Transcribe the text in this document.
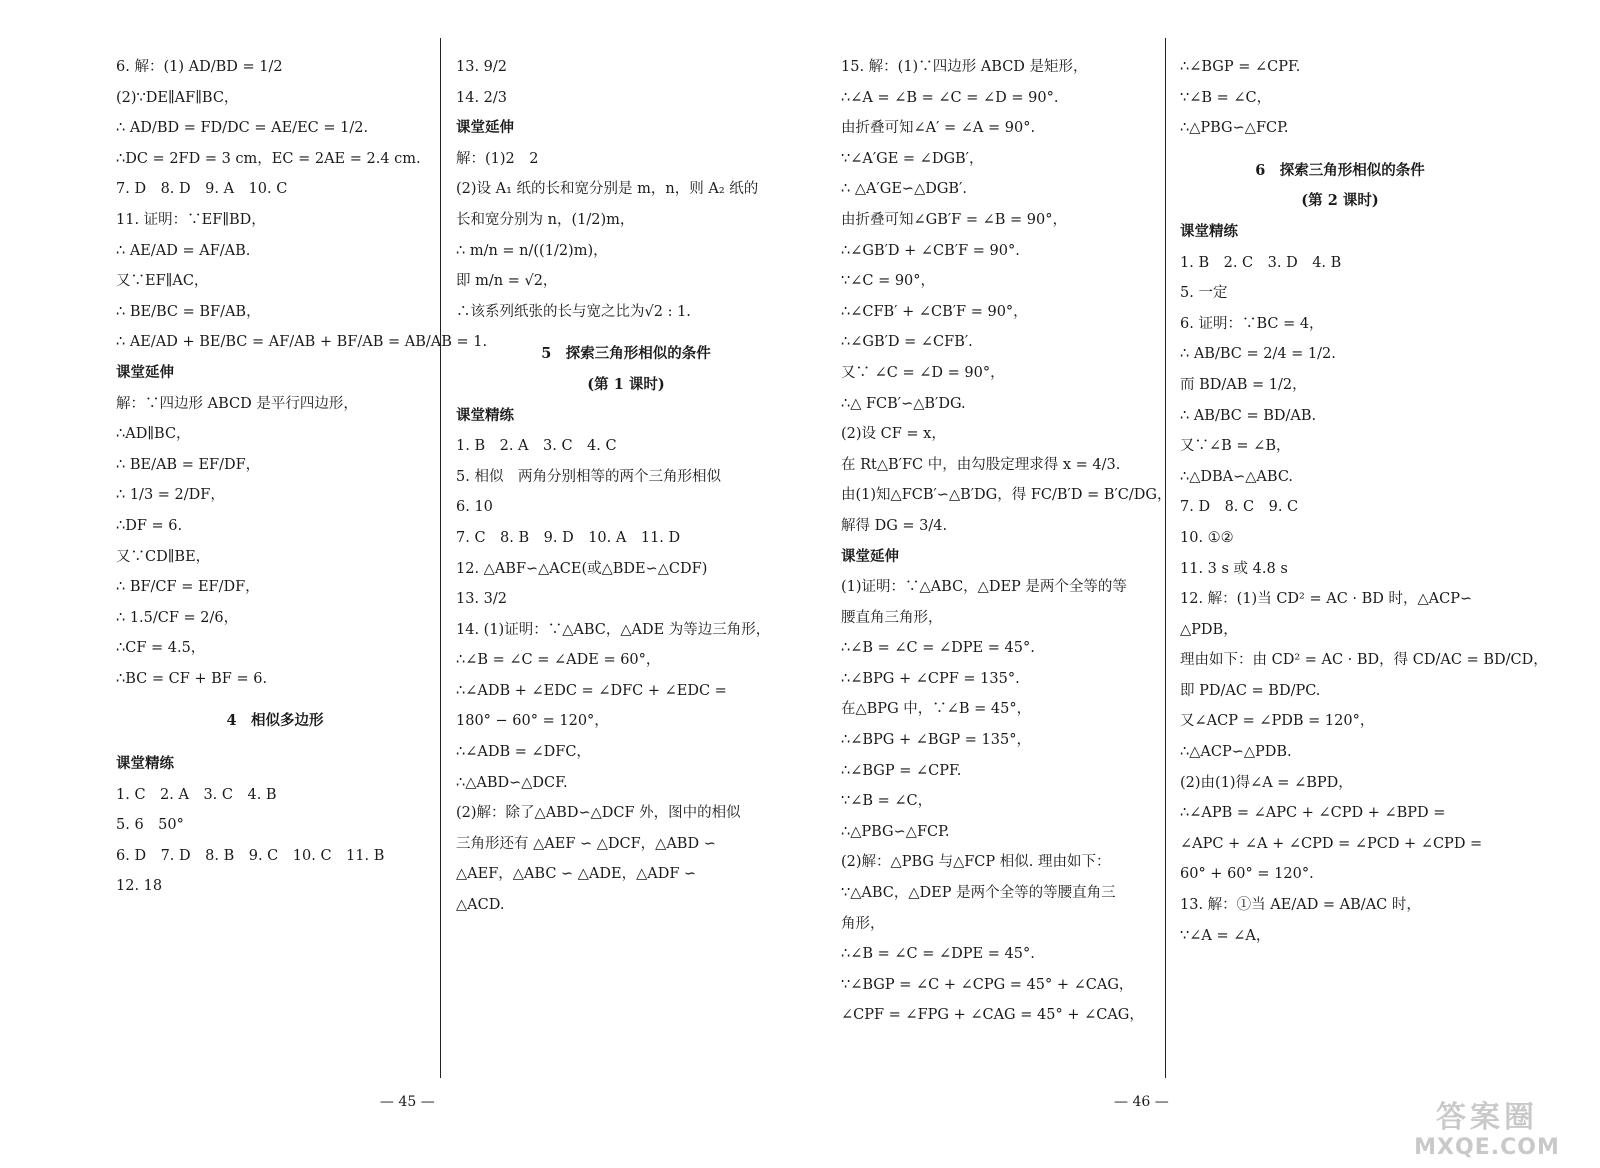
6. 解：(1) AD/BD = 1/2
(2)∵DE∥AF∥BC，
∴ AD/BD = FD/DC = AE/EC = 1/2.
∴DC = 2FD = 3 cm，EC = 2AE = 2.4 cm.
7. D　8. D　9. A　10. C
11. 证明：∵EF∥BD，
∴ AE/AD = AF/AB.
又∵EF∥AC，
∴ BE/BC = BF/AB，
∴ AE/AD + BE/BC = AF/AB + BF/AB = AB/AB = 1.
课堂延伸
解：∵四边形 ABCD 是平行四边形，
∴AD∥BC，
∴ BE/AB = EF/DF，
∴ 1/3 = 2/DF，
∴DF = 6.
又∵CD∥BE，
∴ BF/CF = EF/DF，
∴ 1.5/CF = 2/6，
∴CF = 4.5，
∴BC = CF + BF = 6.
4　相似多边形
课堂精练
1. C　2. A　3. C　4. B
5. 6　50°
6. D　7. D　8. B　9. C　10. C　11. B
12. 18
13. 9/2
14. 2/3
课堂延伸
解：(1)2　2
(2)设 A₁ 纸的长和宽分别是 m，n，则 A₂ 纸的
长和宽分别为 n，(1/2)m，
∴ m/n = n/((1/2)m)，
即 m/n = √2，
∴该系列纸张的长与宽之比为√2 : 1.
5　探索三角形相似的条件
(第 1 课时)
课堂精练
1. B　2. A　3. C　4. C
5. 相似　两角分别相等的两个三角形相似
6. 10
7. C　8. B　9. D　10. A　11. D
12. △ABF∽△ACE(或△BDE∽△CDF)
13. 3/2
14. (1)证明：∵△ABC，△ADE 为等边三角形，
∴∠B = ∠C = ∠ADE = 60°，
∴∠ADB + ∠EDC = ∠DFC + ∠EDC =
180° − 60° = 120°，
∴∠ADB = ∠DFC，
∴△ABD∽△DCF.
(2)解：除了△ABD∽△DCF 外，图中的相似
三角形还有 △AEF ∽ △DCF，△ABD ∽
△AEF，△ABC ∽ △ADE，△ADF ∽
△ACD.
15. 解：(1)∵四边形 ABCD 是矩形，
∴∠A = ∠B = ∠C = ∠D = 90°.
由折叠可知∠A′ = ∠A = 90°.
∵∠A′GE = ∠DGB′，
∴ △A′GE∽△DGB′.
由折叠可知∠GB′F = ∠B = 90°，
∴∠GB′D + ∠CB′F = 90°.
∵∠C = 90°，
∴∠CFB′ + ∠CB′F = 90°，
∴∠GB′D = ∠CFB′.
又∵ ∠C = ∠D = 90°，
∴△ FCB′∽△B′DG.
(2)设 CF = x，
在 Rt△B′FC 中，由勾股定理求得 x = 4/3.
由(1)知△FCB′∽△B′DG，得 FC/B′D = B′C/DG，
解得 DG = 3/4.
课堂延伸
(1)证明：∵△ABC，△DEP 是两个全等的等
腰直角三角形，
∴∠B = ∠C = ∠DPE = 45°.
∴∠BPG + ∠CPF = 135°.
在△BPG 中，∵∠B = 45°，
∴∠BPG + ∠BGP = 135°，
∴∠BGP = ∠CPF.
∵∠B = ∠C，
∴△PBG∽△FCP.
(2)解：△PBG 与△FCP 相似. 理由如下：
∵△ABC，△DEP 是两个全等的等腰直角三
角形，
∴∠B = ∠C = ∠DPE = 45°.
∵∠BGP = ∠C + ∠CPG = 45° + ∠CAG，
∠CPF = ∠FPG + ∠CAG = 45° + ∠CAG，
∴∠BGP = ∠CPF.
∵∠B = ∠C，
∴△PBG∽△FCP.
6　探索三角形相似的条件
(第 2 课时)
课堂精练
1. B　2. C　3. D　4. B
5. 一定
6. 证明：∵BC = 4，
∴ AB/BC = 2/4 = 1/2.
而 BD/AB = 1/2，
∴ AB/BC = BD/AB.
又∵∠B = ∠B，
∴△DBA∽△ABC.
7. D　8. C　9. C
10. ①②
11. 3 s 或 4.8 s
12. 解：(1)当 CD² = AC · BD 时，△ACP∽
△PDB，
理由如下：由 CD² = AC · BD，得 CD/AC = BD/CD，
即 PD/AC = BD/PC.
又∠ACP = ∠PDB = 120°，
∴△ACP∽△PDB.
(2)由(1)得∠A = ∠BPD，
∴∠APB = ∠APC + ∠CPD + ∠BPD =
∠APC + ∠A + ∠CPD = ∠PCD + ∠CPD =
60° + 60° = 120°.
13. 解：①当 AE/AD = AB/AC 时，
∵∠A = ∠A，
— 45 —	— 46 —	答案圈
MXQE.COM
